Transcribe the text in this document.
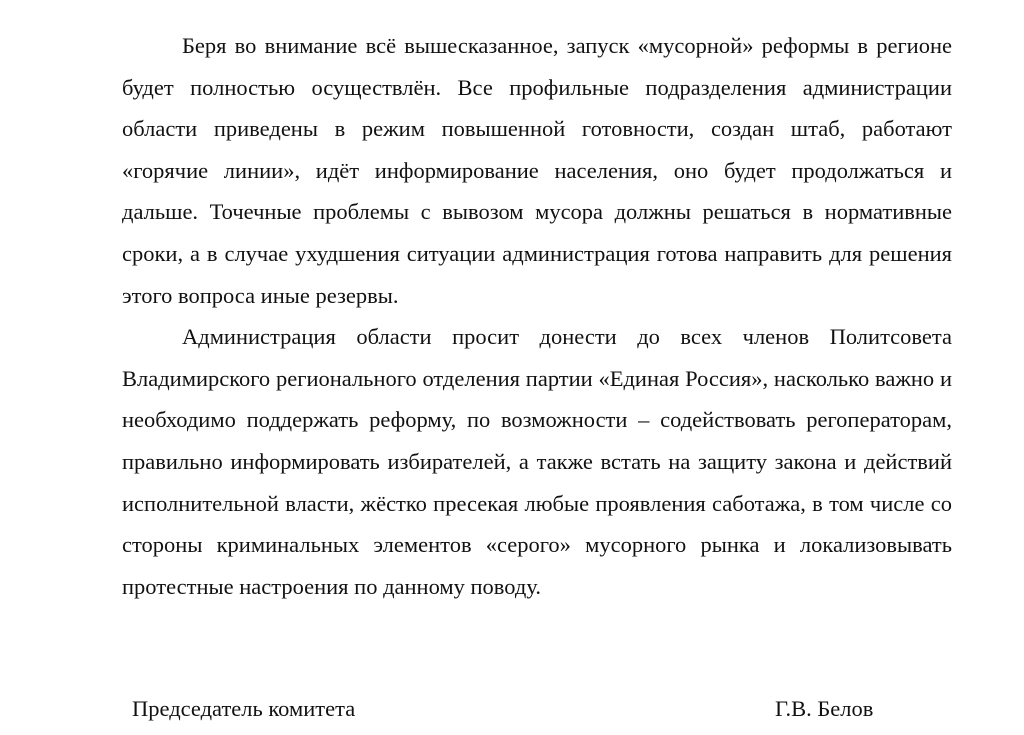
Беря во внимание всё вышесказанное, запуск «мусорной» реформы в регионе будет полностью осуществлён. Все профильные подразделения администрации области приведены в режим повышенной готовности, создан штаб, работают «горячие линии», идёт информирование населения, оно будет продолжаться и дальше. Точечные проблемы с вывозом мусора должны решаться в нормативные сроки, а в случае ухудшения ситуации администрация готова направить для решения этого вопроса иные резервы.

Администрация области просит донести до всех членов Политсовета Владимирского регионального отделения партии «Единая Россия», насколько важно и необходимо поддержать реформу, по возможности – содействовать регоператорам, правильно информировать избирателей, а также встать на защиту закона и действий исполнительной власти, жёстко пресекая любые проявления саботажа, в том числе со стороны криминальных элементов «серого» мусорного рынка и локализовывать протестные настроения по данному поводу.

Председатель комитета	Г.В. Белов
